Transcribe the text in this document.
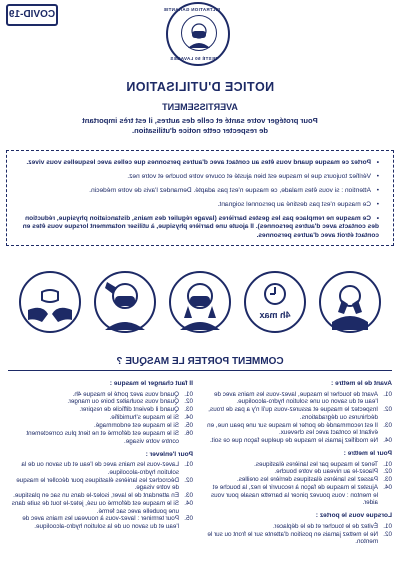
FILTRATION GARANTIE
TESTÉ 50 LAVAGES
COVID-19
NOTICE D'UTILISATION
AVERTISSEMENT
Pour protéger votre santé et celle des autres, il est très important de respecter cette notice d'utilisation.
•Portez ce masque quand vous êtes au contact avec d'autres personnes que celles avec lesquelles vous vivez.
•Vérifiez toujours que le masque est bien ajusté et couvre votre bouche et votre nez.
•Attention : si vous êtes malade, ce masque n'est pas adapté. Demandez l'avis de votre médecin.
•Ce masque n'est pas destiné au personnel soignant.
•Ce masque ne remplace pas les gestes barrières (lavage régulier des mains, distanciation physique, réduction des contacts avec d'autres personnes). Il ajoute une barrière physique, à utiliser notamment lorsque vous êtes en contact étroit avec d'autres personnes.
4h max
COMMENT PORTER LE MASQUE ?
Avant de le mettre :
01.
Avant de toucher le masque, lavez-vous les mains avec de l'eau et du savon ou une solution hydro-alcoolique.
02.
Inspectez le masque et assurez-vous qu'il n'y a pas de trous, déchirures ou dégradations.
03.
Il est recommandé de porter le masque sur une peau nue, en évitant le contact avec les cheveux.
04.
Ne modifiez jamais le masque de quelque façon que ce soit.
Pour le mettre :
01.
Tenez le masque par les lanières élastiques.
02.
Placez-le au niveau de votre bouche.
03.
Passez les lanières élastiques derrière les oreilles.
04.
Ajustez le masque de façon à recouvrir le nez, la bouche et le menton : vous pouvez pincer la barrette nasale pour vous aider.
Lorsque vous le portez :
01.
Évitez de le toucher et de le déplacer.
02.
Ne le mettez jamais en position d'attente sur le front ou sur le menton.
Il faut changer le masque :
01.
Quand vous avez porté le masque 4h.
02.
Quand vous souhaitez boire ou manger.
03.
Quand il devient difficile de respirer.
04.
Si le masque s'humidifie.
05.
Si le masque est endommagé.
06.
Si le masque est déformé et ne tient plus correctement contre votre visage.
Pour l'enlever :
01.
Lavez-vous les mains avec de l'eau et du savon ou de la solution hydro-alcoolique.
02.
Décrochez les lanières élastiques pour décoller le masque de votre visage.
03.
En attendant de le laver, isolez-le dans un sac en plastique.
04.
Si le masque est déformé ou usé, jetez-le tout de suite dans une poubelle avec sac fermé.
05.
Pour terminer : lavez-vous à nouveau les mains avec de l'eau et du savon ou de la solution hydro-alcoolique.
